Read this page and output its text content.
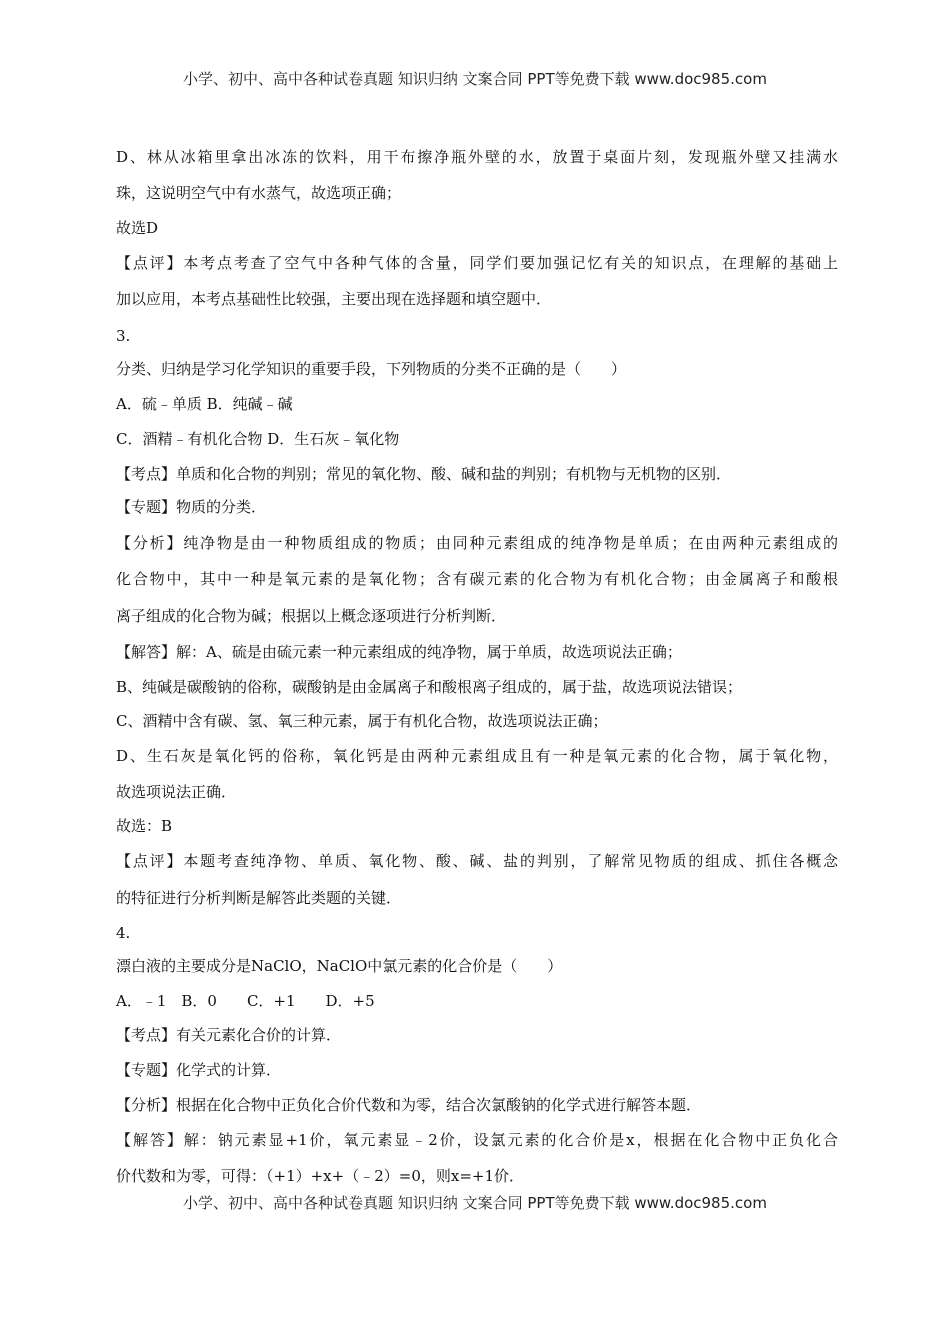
小学、初中、高中各种试卷真题 知识归纳 文案合同 PPT等免费下载 www.doc985.com
D、林从冰箱里拿出冰冻的饮料，用干布擦净瓶外壁的水，放置于桌面片刻，发现瓶外壁又挂满水
珠，这说明空气中有水蒸气，故选项正确；
故选D
【点评】本考点考查了空气中各种气体的含量，同学们要加强记忆有关的知识点，在理解的基础上
加以应用，本考点基础性比较强，主要出现在选择题和填空题中．
3.
分类、归纳是学习化学知识的重要手段，下列物质的分类不正确的是（　　）
A．硫﹣单质 B．纯碱﹣碱
C．酒精﹣有机化合物 D．生石灰﹣氧化物
【考点】单质和化合物的判别；常见的氧化物、酸、碱和盐的判别；有机物与无机物的区别．
【专题】物质的分类．
【分析】纯净物是由一种物质组成的物质；由同种元素组成的纯净物是单质；在由两种元素组成的
化合物中，其中一种是氧元素的是氧化物；含有碳元素的化合物为有机化合物；由金属离子和酸根
离子组成的化合物为碱；根据以上概念逐项进行分析判断．
【解答】解：A、硫是由硫元素一种元素组成的纯净物，属于单质，故选项说法正确；
B、纯碱是碳酸钠的俗称，碳酸钠是由金属离子和酸根离子组成的，属于盐，故选项说法错误；
C、酒精中含有碳、氢、氧三种元素，属于有机化合物，故选项说法正确；
D、生石灰是氧化钙的俗称，氧化钙是由两种元素组成且有一种是氧元素的化合物，属于氧化物，
故选项说法正确．
故选：B
【点评】本题考查纯净物、单质、氧化物、酸、碱、盐的判别，了解常见物质的组成、抓住各概念
的特征进行分析判断是解答此类题的关键．
4.
漂白液的主要成分是NaClO，NaClO中氯元素的化合价是（　　）
A．﹣1　B．0　　C．+1　　D．+5
【考点】有关元素化合价的计算．
【专题】化学式的计算．
【分析】根据在化合物中正负化合价代数和为零，结合次氯酸钠的化学式进行解答本题．
【解答】解：钠元素显+1价，氧元素显﹣2价，设氯元素的化合价是x，根据在化合物中正负化合
价代数和为零，可得：（+1）+x+（﹣2）=0，则x=+1价．
小学、初中、高中各种试卷真题 知识归纳 文案合同 PPT等免费下载 www.doc985.com
